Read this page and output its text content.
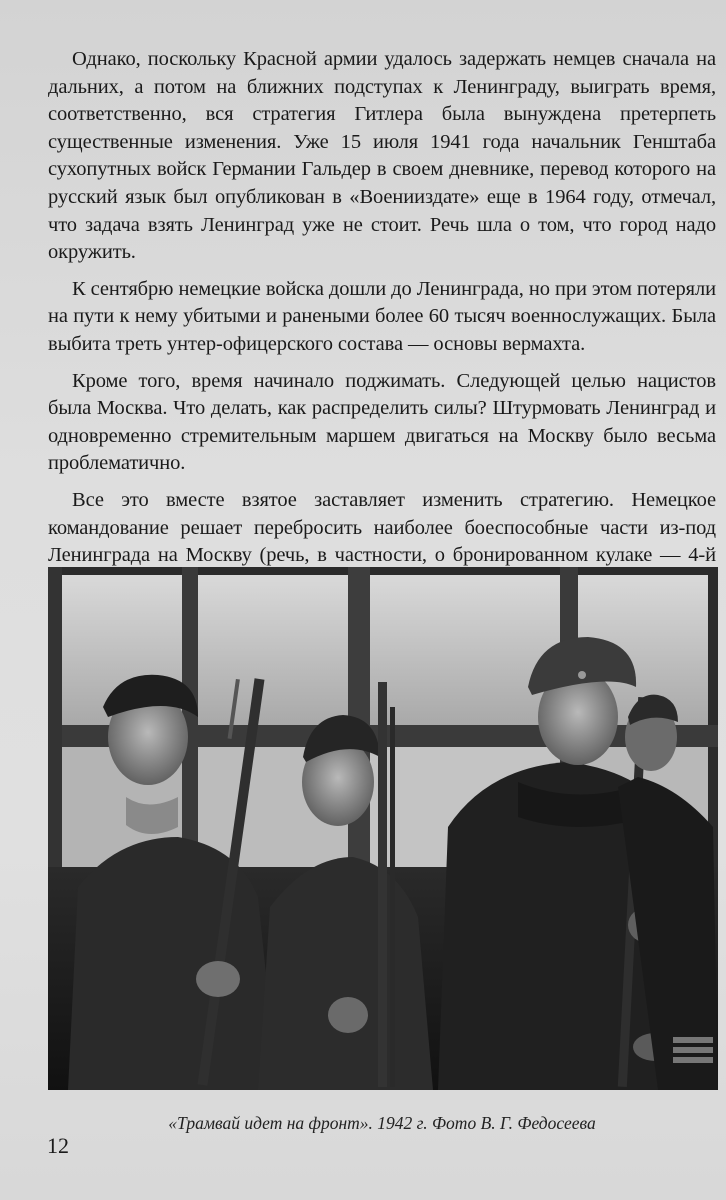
Однако, поскольку Красной армии удалось задержать немцев сначала на дальних, а потом на ближних подступах к Ленинграду, выиграть время, соответственно, вся стратегия Гитлера была вынуждена претерпеть существенные изменения. Уже 15 июля 1941 года начальник Генштаба сухопутных войск Германии Гальдер в своем дневнике, перевод которого на русский язык был опубликован в «Военииздате» еще в 1964 году, отмечал, что задача взять Ленинград уже не стоит. Речь шла о том, что город надо окружить.

К сентябрю немецкие войска дошли до Ленинграда, но при этом потеряли на пути к нему убитыми и ранеными более 60 тысяч военнослужащих. Была выбита треть унтер-офицерского состава — основы вермахта.

Кроме того, время начинало поджимать. Следующей целью нацистов была Москва. Что делать, как распределить силы? Штурмовать Ленинград и одновременно стремительным маршем двигаться на Москву было весьма проблематично.

Все это вместе взятое заставляет изменить стратегию. Немецкое командование решает перебросить наиболее боеспособные части из-под Ленинграда на Москву (речь, в частности, о бронированном кулаке — 4-й

«Трамвай идет на фронт». 1942 г. Фото В. Г. Федосеева
12
